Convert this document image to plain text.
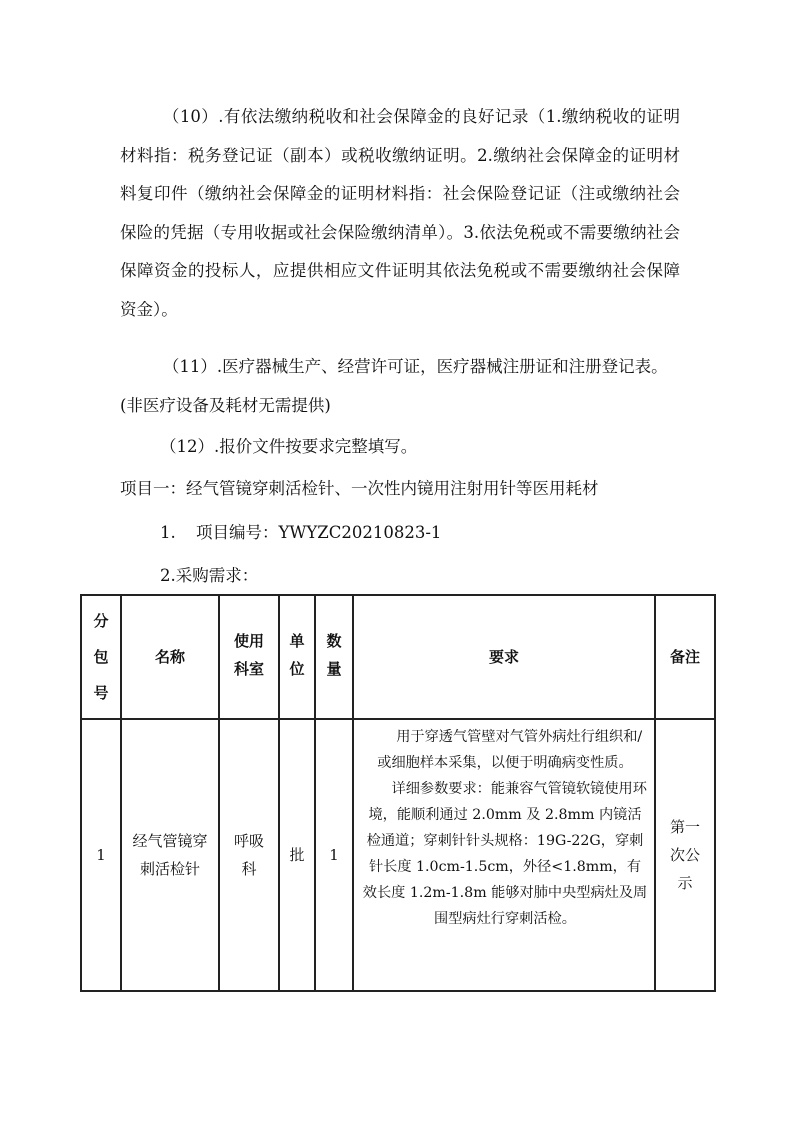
（10）.有依法缴纳税收和社会保障金的良好记录（1.缴纳税收的证明材料指：税务登记证（副本）或税收缴纳证明。2.缴纳社会保障金的证明材料复印件（缴纳社会保障金的证明材料指：社会保险登记证（注或缴纳社会保险的凭据（专用收据或社会保险缴纳清单）。3.依法免税或不需要缴纳社会保障资金的投标人，应提供相应文件证明其依法免税或不需要缴纳社会保障资金）。

（11）.医疗器械生产、经营许可证，医疗器械注册证和注册登记表。(非医疗设备及耗材无需提供)

（12）.报价文件按要求完整填写。

项目一：经气管镜穿刺活检针、一次性内镜用注射用针等医用耗材

1. 项目编号：YWYZC20210823-1

2.采购需求：

分包号	名称	使用科室	单位	数量	要求	备注
1	经气管镜穿刺活检针	呼吸科	批	1	用于穿透气管壁对气管外病灶行组织和/或细胞样本采集，以便于明确病变性质。

详细参数要求：能兼容气管镜软镜使用环境，能顺利通过 2.0mm 及 2.8mm 内镜活检通道；穿刺针针头规格：19G-22G，穿刺针长度 1.0cm-1.5cm，外径<1.8mm，有效长度 1.2m-1.8m 能够对肺中央型病灶及周围型病灶行穿刺活检。	第一次公示
